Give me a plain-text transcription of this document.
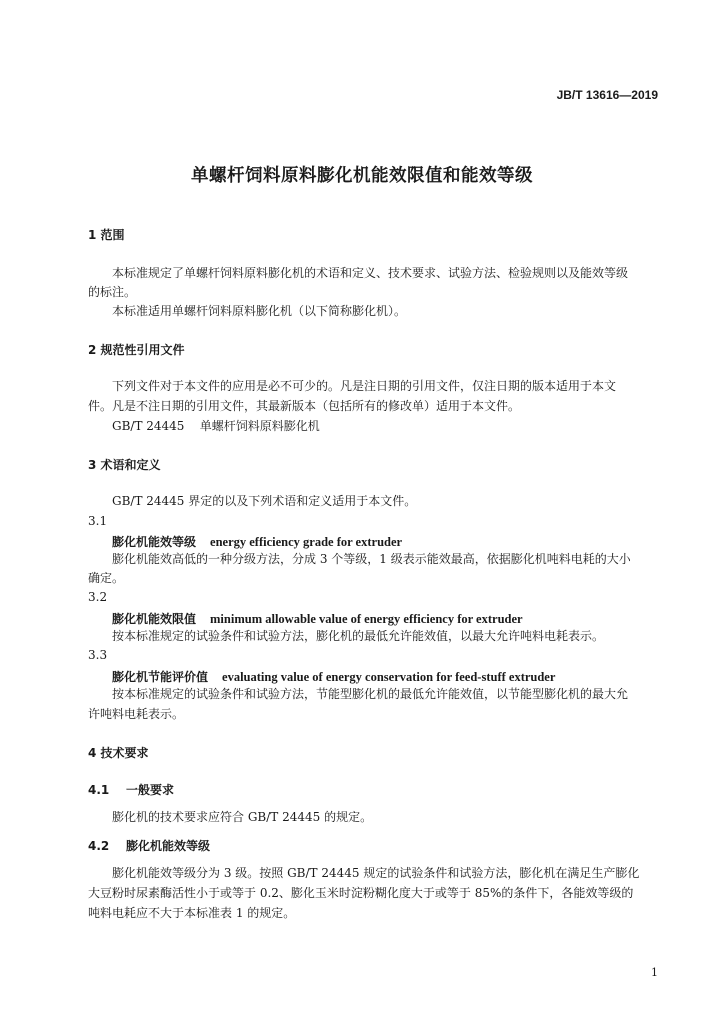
JB/T 13616—2019
单螺杆饲料原料膨化机能效限值和能效等级
1 范围
本标准规定了单螺杆饲料原料膨化机的术语和定义、技术要求、试验方法、检验规则以及能效等级
的标注。
本标准适用单螺杆饲料原料膨化机（以下简称膨化机）。
2 规范性引用文件
下列文件对于本文件的应用是必不可少的。凡是注日期的引用文件，仅注日期的版本适用于本文
件。凡是不注日期的引用文件，其最新版本（包括所有的修改单）适用于本文件。
GB/T 24445    单螺杆饲料原料膨化机
3 术语和定义
GB/T 24445 界定的以及下列术语和定义适用于本文件。
3.1
膨化机能效等级 energy efficiency grade for extruder
膨化机能效高低的一种分级方法，分成 3 个等级，1 级表示能效最高，依据膨化机吨料电耗的大小
确定。
3.2
膨化机能效限值 minimum allowable value of energy efficiency for extruder
按本标准规定的试验条件和试验方法，膨化机的最低允许能效值，以最大允许吨料电耗表示。
3.3
膨化机节能评价值 evaluating value of energy conservation for feed-stuff extruder
按本标准规定的试验条件和试验方法，节能型膨化机的最低允许能效值，以节能型膨化机的最大允
许吨料电耗表示。
4 技术要求
4.1    一般要求
膨化机的技术要求应符合 GB/T 24445 的规定。
4.2    膨化机能效等级
膨化机能效等级分为 3 级。按照 GB/T 24445 规定的试验条件和试验方法，膨化机在满足生产膨化
大豆粉时尿素酶活性小于或等于 0.2、膨化玉米时淀粉糊化度大于或等于 85%的条件下，各能效等级的
吨料电耗应不大于本标准表 1 的规定。
1
